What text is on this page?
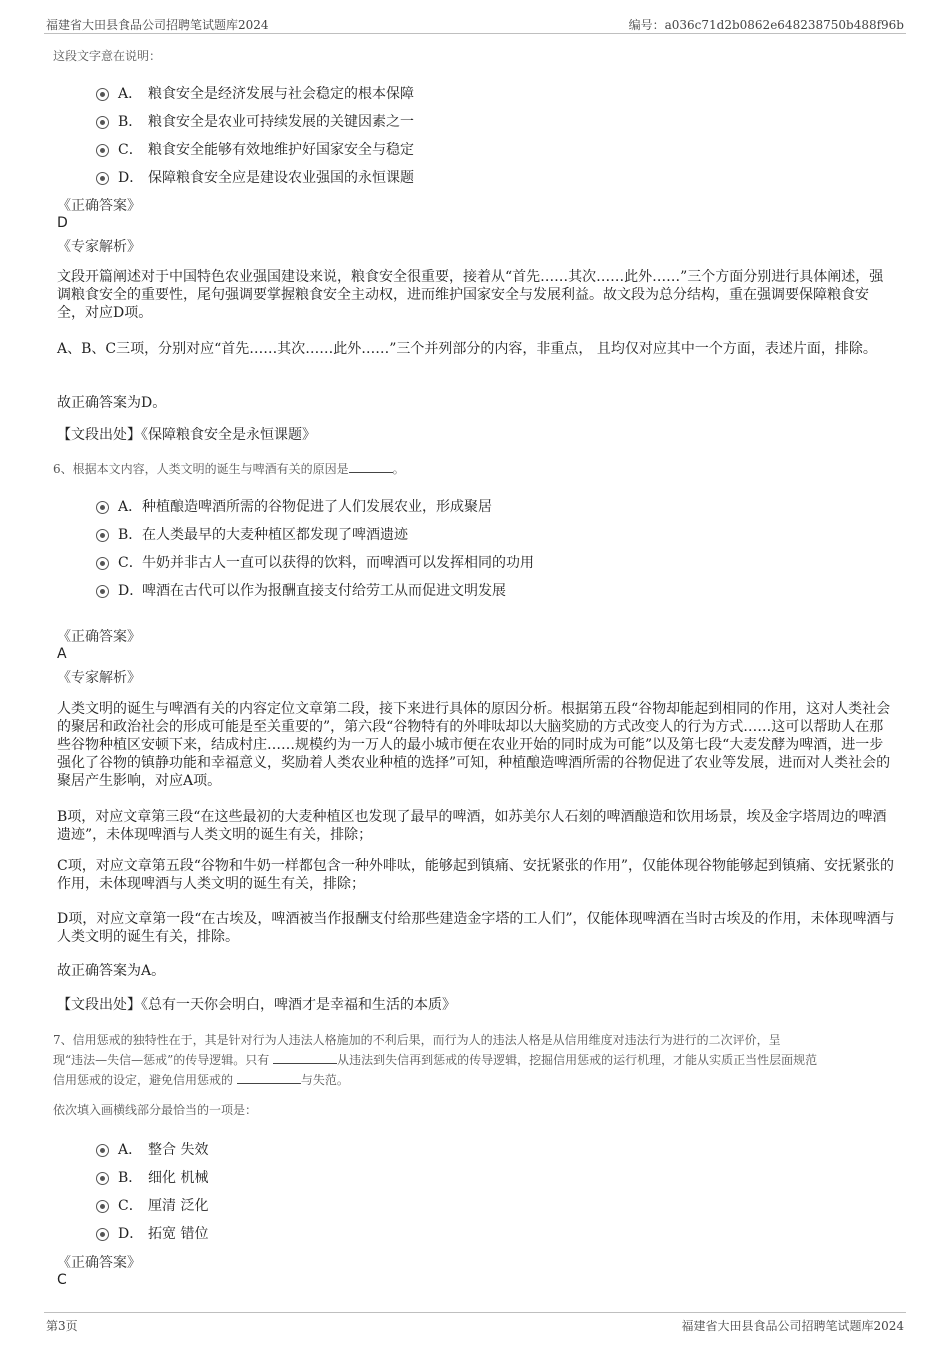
福建省大田县食品公司招聘笔试题库2024	编号：a036c71d2b0862e648238750b488f96b
这段文字意在说明：
A． 粮食安全是经济发展与社会稳定的根本保障
B． 粮食安全是农业可持续发展的关键因素之一
C． 粮食安全能够有效地维护好国家安全与稳定
D． 保障粮食安全应是建设农业强国的永恒课题
《正确答案》
D
《专家解析》
文段开篇阐述对于中国特色农业强国建设来说，粮食安全很重要，接着从“首先……其次……此外……”三个方面分别进行具体阐述，强调粮食安全的重要性，尾句强调要掌握粮食安全主动权，进而维护国家安全与发展利益。故文段为总分结构，重在强调要保障粮食安全，对应D项。
A、B、C三项，分别对应“首先……其次……此外……”三个并列部分的内容，非重点， 且均仅对应其中一个方面，表述片面，排除。
故正确答案为D。
【文段出处】《保障粮食安全是永恒课题》
6、根据本文内容，人类文明的诞生与啤酒有关的原因是	。
A． 种植酿造啤酒所需的谷物促进了人们发展农业，形成聚居
B． 在人类最早的大麦种植区都发现了啤酒遗迹
C． 牛奶并非古人一直可以获得的饮料，而啤酒可以发挥相同的功用
D．
啤酒在古代可以作为报酬直接支付给劳工从而促进文明发展
《正确答案》
A
《专家解析》
人类文明的诞生与啤酒有关的内容定位文章第二段，接下来进行具体的原因分析。根据第五段“谷物却能起到相同的作用，这对人类社会的聚居和政治社会的形成可能是至关重要的”，第六段“谷物特有的外啡呔却以大脑奖励的方式改变人的行为方式……这可以帮助人在那些谷物种植区安顿下来，结成村庄……规模约为一万人的最小城市便在农业开始的同时成为可能”以及第七段“大麦发酵为啤酒，进一步强化了谷物的镇静功能和幸福意义，奖励着人类农业种植的选择”可知，种植酿造啤酒所需的谷物促进了农业等发展，进而对人类社会的聚居产生影响，对应A项。
B项，对应文章第三段“在这些最初的大麦种植区也发现了最早的啤酒，如苏美尔人石刻的啤酒酿造和饮用场景，埃及金字塔周边的啤酒遗迹”，未体现啤酒与人类文明的诞生有关，排除；
C项，对应文章第五段“谷物和牛奶一样都包含一种外啡呔，能够起到镇痛、安抚紧张的作用”，仅能体现谷物能够起到镇痛、安抚紧张的作用，未体现啤酒与人类文明的诞生有关，排除；
D项，对应文章第一段“在古埃及，啤酒被当作报酬支付给那些建造金字塔的工人们”，仅能体现啤酒在当时古埃及的作用，未体现啤酒与人类文明的诞生有关，排除。
故正确答案为A。
【文段出处】《总有一天你会明白，啤酒才是幸福和生活的本质》
7、信用惩戒的独特性在于，其是针对行为人违法人格施加的不利后果，而行为人的违法人格是从信用维度对违法行为进行的二次评价，呈
现“违法—失信—惩戒”的传导逻辑。只有	从违法到失信再到惩戒的传导逻辑，挖掘信用惩戒的运行机理，才能从实质正当性层面规范
信用惩戒的设定，避免信用惩戒的	与失范。
依次填入画横线部分最恰当的一项是：
A． 整合 失效
B． 细化 机械
C． 厘清 泛化
D． 拓宽 错位
《正确答案》
C
第3页	福建省大田县食品公司招聘笔试题库2024
